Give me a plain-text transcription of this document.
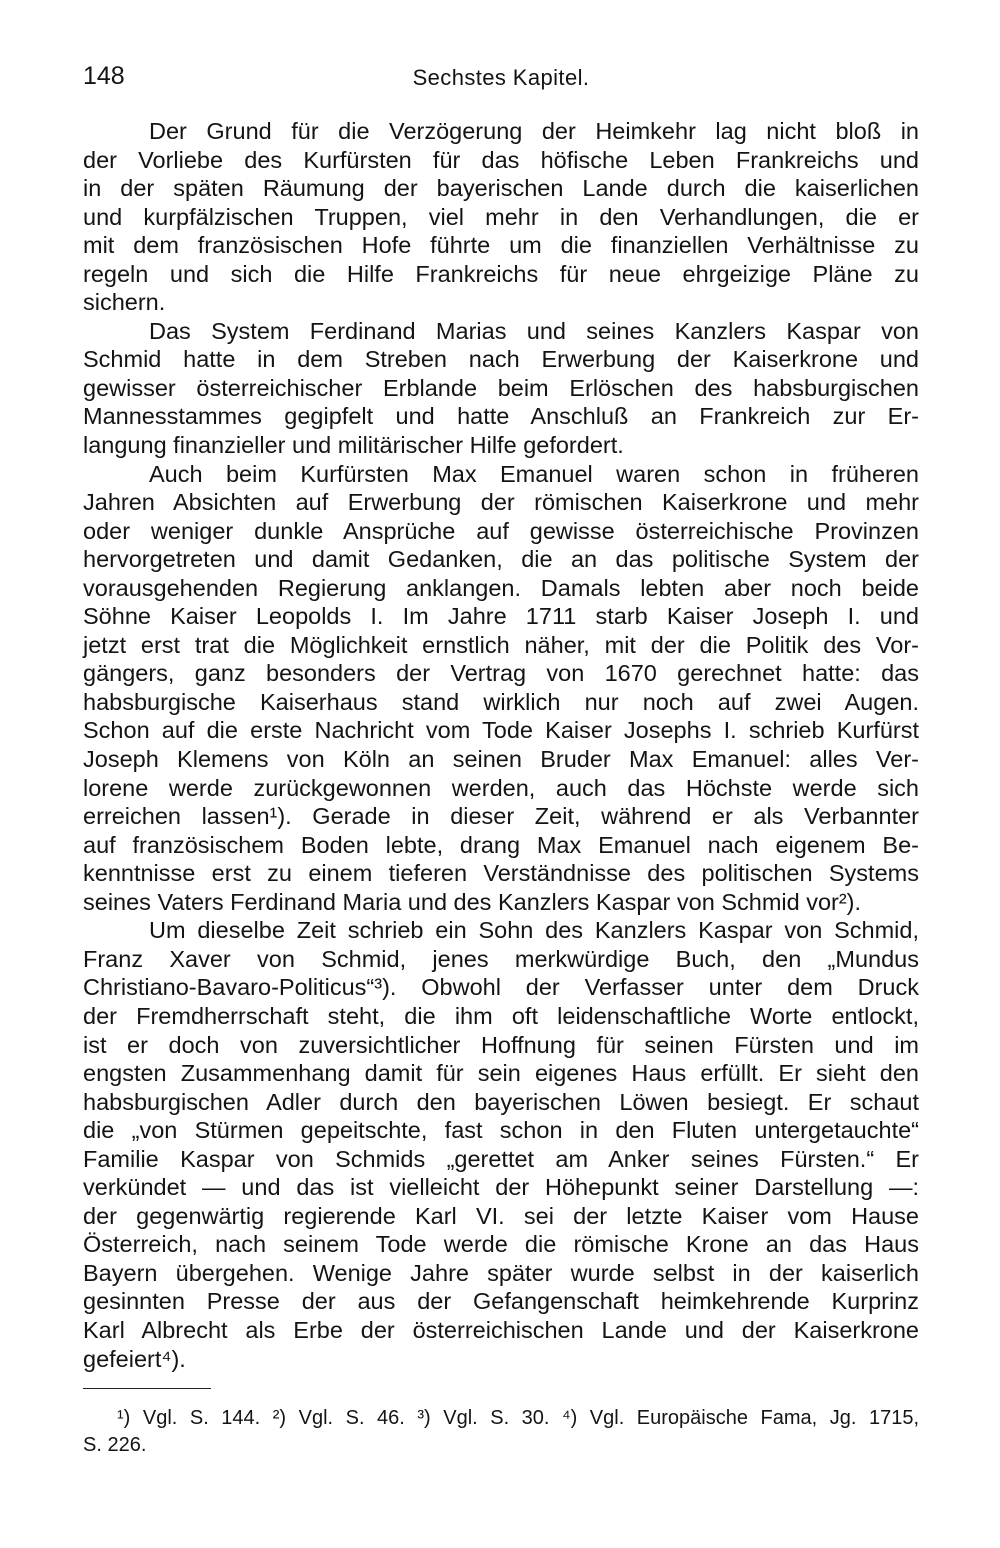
148	Sechstes Kapitel.
Der Grund für die Verzögerung der Heimkehr lag nicht bloß in
der Vorliebe des Kurfürsten für das höfische Leben Frankreichs und
in der späten Räumung der bayerischen Lande durch die kaiserlichen
und kurpfälzischen Truppen, viel mehr in den Verhandlungen, die er
mit dem französischen Hofe führte um die finanziellen Verhältnisse zu
regeln und sich die Hilfe Frankreichs für neue ehrgeizige Pläne zu
sichern.
Das System Ferdinand Marias und seines Kanzlers Kaspar von
Schmid hatte in dem Streben nach Erwerbung der Kaiserkrone und
gewisser österreichischer Erblande beim Erlöschen des habsburgischen
Mannesstammes gegipfelt und hatte Anschluß an Frankreich zur Er-
langung finanzieller und militärischer Hilfe gefordert.
Auch beim Kurfürsten Max Emanuel waren schon in früheren
Jahren Absichten auf Erwerbung der römischen Kaiserkrone und mehr
oder weniger dunkle Ansprüche auf gewisse österreichische Provinzen
hervorgetreten und damit Gedanken, die an das politische System der
vorausgehenden Regierung anklangen. Damals lebten aber noch beide
Söhne Kaiser Leopolds I. Im Jahre 1711 starb Kaiser Joseph I. und
jetzt erst trat die Möglichkeit ernstlich näher, mit der die Politik des Vor-
gängers, ganz besonders der Vertrag von 1670 gerechnet hatte: das
habsburgische Kaiserhaus stand wirklich nur noch auf zwei Augen.
Schon auf die erste Nachricht vom Tode Kaiser Josephs I. schrieb Kurfürst
Joseph Klemens von Köln an seinen Bruder Max Emanuel: alles Ver-
lorene werde zurückgewonnen werden, auch das Höchste werde sich
erreichen lassen¹). Gerade in dieser Zeit, während er als Verbannter
auf französischem Boden lebte, drang Max Emanuel nach eigenem Be-
kenntnisse erst zu einem tieferen Verständnisse des politischen Systems
seines Vaters Ferdinand Maria und des Kanzlers Kaspar von Schmid vor²).
Um dieselbe Zeit schrieb ein Sohn des Kanzlers Kaspar von Schmid,
Franz Xaver von Schmid, jenes merkwürdige Buch, den „Mundus
Christiano-Bavaro-Politicus“³). Obwohl der Verfasser unter dem Druck
der Fremdherrschaft steht, die ihm oft leidenschaftliche Worte entlockt,
ist er doch von zuversichtlicher Hoffnung für seinen Fürsten und im
engsten Zusammenhang damit für sein eigenes Haus erfüllt. Er sieht den
habsburgischen Adler durch den bayerischen Löwen besiegt. Er schaut
die „von Stürmen gepeitschte, fast schon in den Fluten untergetauchte“
Familie Kaspar von Schmids „gerettet am Anker seines Fürsten.“ Er
verkündet — und das ist vielleicht der Höhepunkt seiner Darstellung —:
der gegenwärtig regierende Karl VI. sei der letzte Kaiser vom Hause
Österreich, nach seinem Tode werde die römische Krone an das Haus
Bayern übergehen. Wenige Jahre später wurde selbst in der kaiserlich
gesinnten Presse der aus der Gefangenschaft heimkehrende Kurprinz
Karl Albrecht als Erbe der österreichischen Lande und der Kaiserkrone
gefeiert⁴).
¹) Vgl. S. 144. ²) Vgl. S. 46. ³) Vgl. S. 30. ⁴) Vgl. Europäische Fama, Jg. 1715,
S. 226.
